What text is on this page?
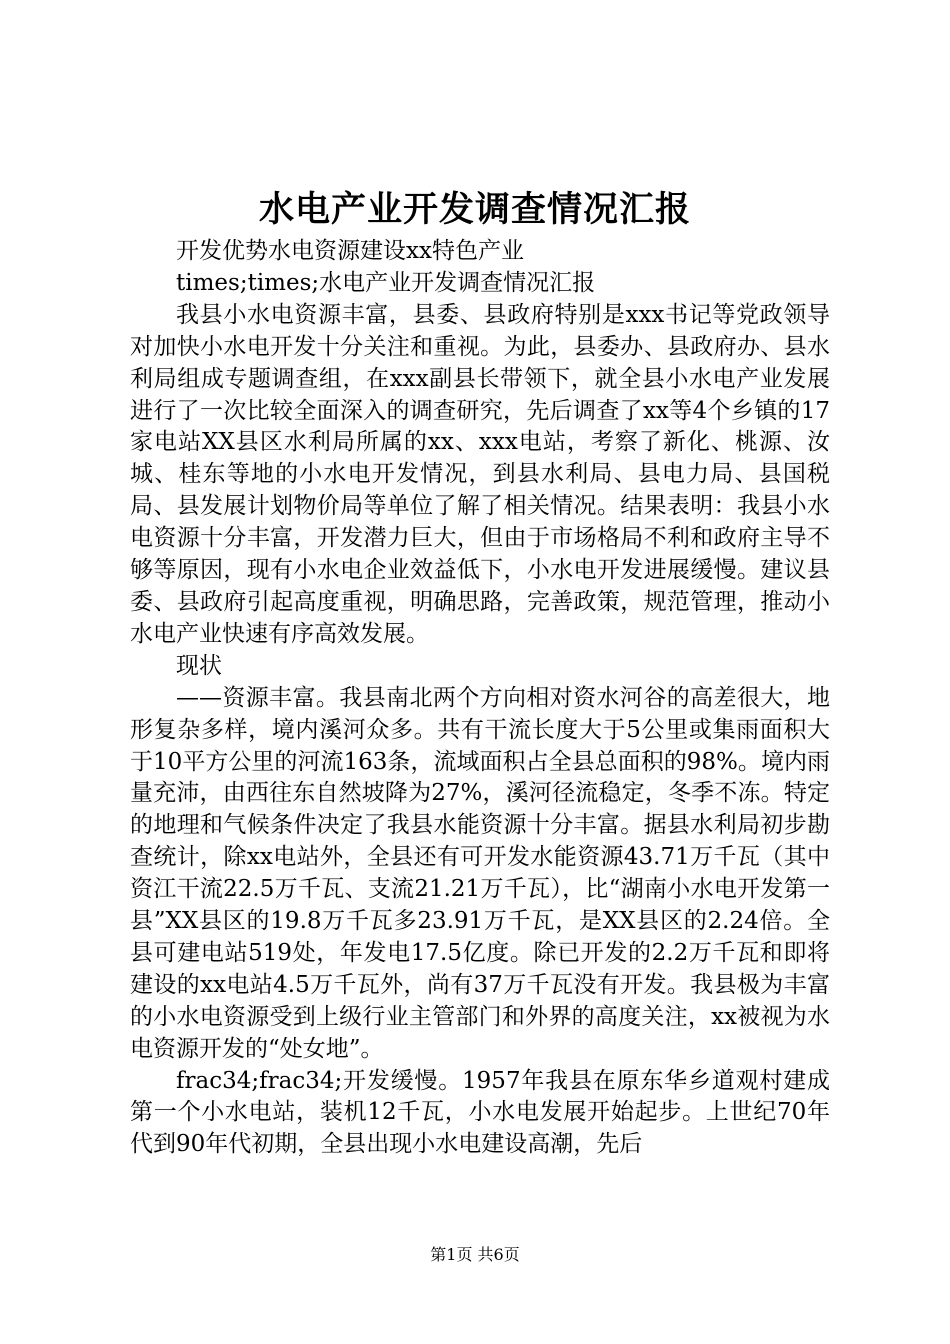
水电产业开发调查情况汇报

开发优势水电资源建设xx特色产业

times;times;水电产业开发调查情况汇报

我县小水电资源丰富，县委、县政府特别是xxx书记等党政领导对加快小水电开发十分关注和重视。为此，县委办、县政府办、县水利局组成专题调查组，在xxx副县长带领下，就全县小水电产业发展进行了一次比较全面深入的调查研究，先后调查了xx等4个乡镇的17家电站XX县区水利局所属的xx、xxx电站，考察了新化、桃源、汝城、桂东等地的小水电开发情况，到县水利局、县电力局、县国税局、县发展计划物价局等单位了解了相关情况。结果表明：我县小水电资源十分丰富，开发潜力巨大，但由于市场格局不利和政府主导不够等原因，现有小水电企业效益低下，小水电开发进展缓慢。建议县委、县政府引起高度重视，明确思路，完善政策，规范管理，推动小水电产业快速有序高效发展。

现状

——资源丰富。我县南北两个方向相对资水河谷的高差很大，地形复杂多样，境内溪河众多。共有干流长度大于5公里或集雨面积大于10平方公里的河流163条，流域面积占全县总面积的98%。境内雨量充沛，由西往东自然坡降为27%，溪河径流稳定，冬季不冻。特定的地理和气候条件决定了我县水能资源十分丰富。据县水利局初步勘查统计，除xx电站外，全县还有可开发水能资源43.71万千瓦（其中资江干流22.5万千瓦、支流21.21万千瓦），比“湖南小水电开发第一县”XX县区的19.8万千瓦多23.91万千瓦，是XX县区的2.24倍。全县可建电站519处，年发电17.5亿度。除已开发的2.2万千瓦和即将建设的xx电站4.5万千瓦外，尚有37万千瓦没有开发。我县极为丰富的小水电资源受到上级行业主管部门和外界的高度关注，xx被视为水电资源开发的“处女地”。

frac34;frac34;开发缓慢。1957年我县在原东华乡道观村建成第一个小水电站，装机12千瓦，小水电发展开始起步。上世纪70年代到90年代初期，全县出现小水电建设高潮，先后

第1页 共6页
